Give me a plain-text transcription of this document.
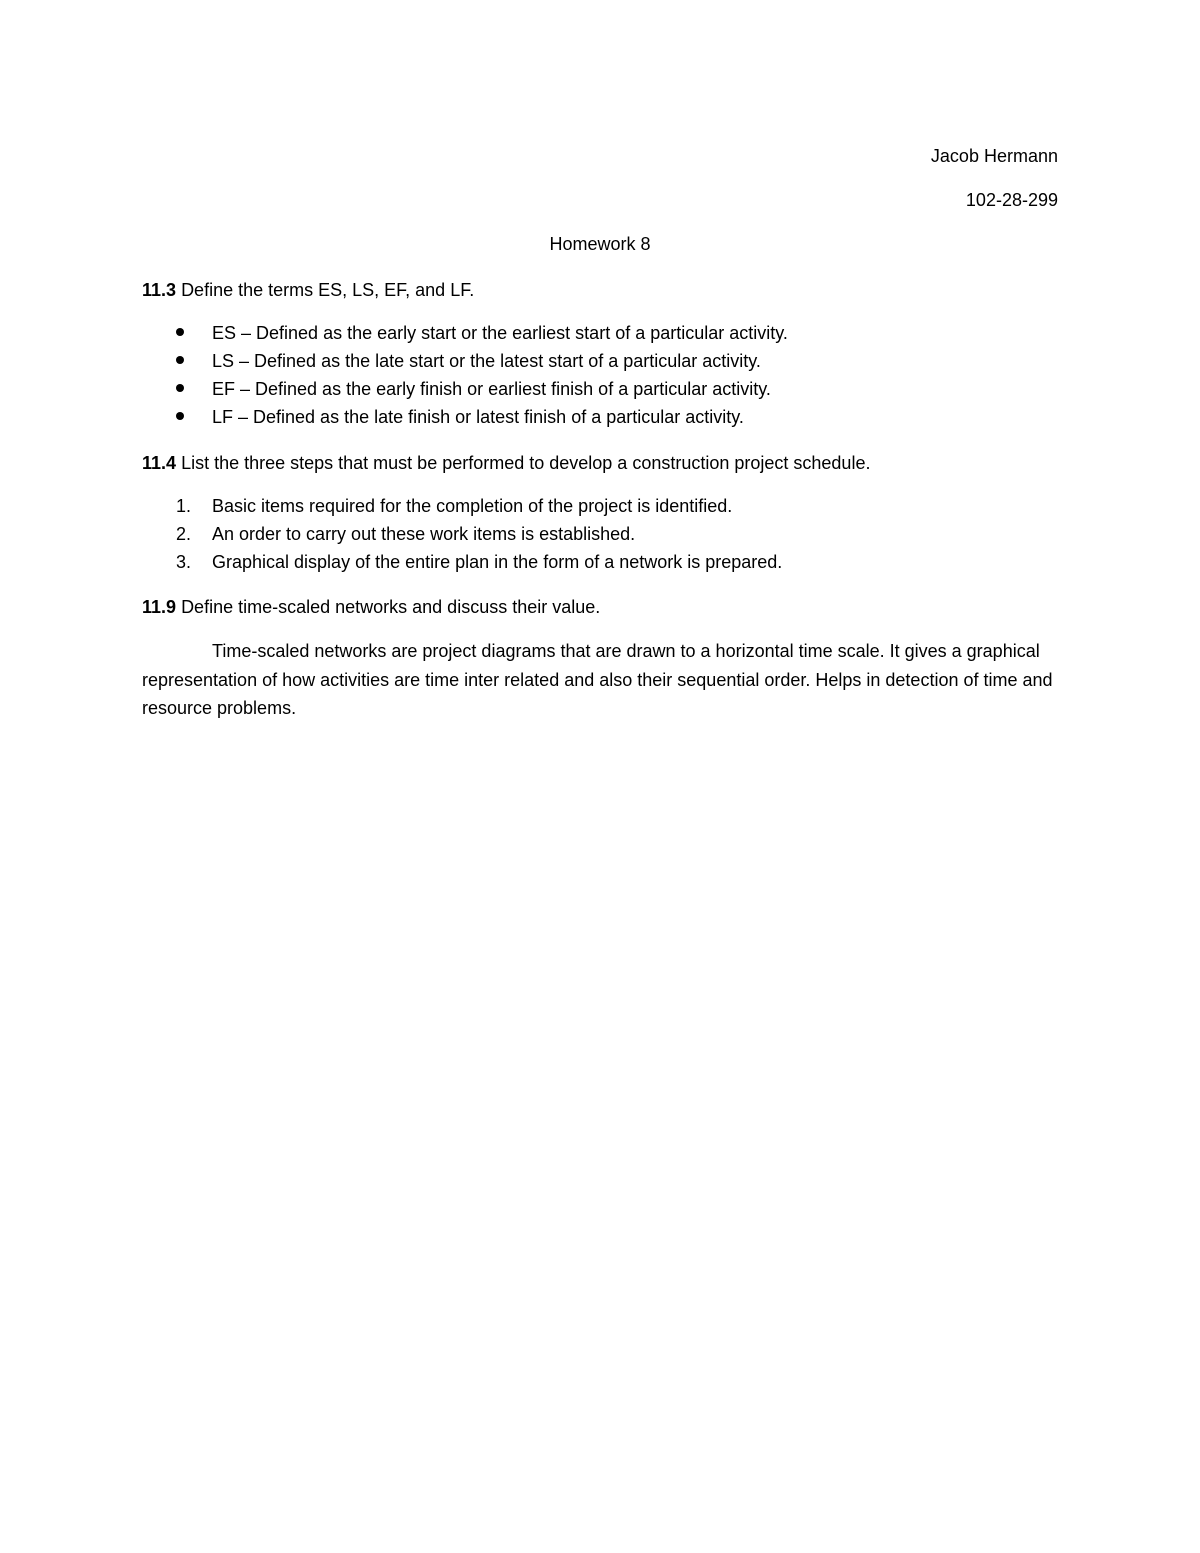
Jacob Hermann
102-28-299
Homework 8
11.3 Define the terms ES, LS, EF, and LF.
ES – Defined as the early start or the earliest start of a particular activity.
LS – Defined as the late start or the latest start of a particular activity.
EF – Defined as the early finish or earliest finish of a particular activity.
LF – Defined as the late finish or latest finish of a particular activity.
11.4 List the three steps that must be performed to develop a construction project schedule.
1. Basic items required for the completion of the project is identified.
2. An order to carry out these work items is established.
3. Graphical display of the entire plan in the form of a network is prepared.
11.9 Define time-scaled networks and discuss their value.
Time-scaled networks are project diagrams that are drawn to a horizontal time scale. It gives a graphical representation of how activities are time inter related and also their sequential order. Helps in detection of time and resource problems.
